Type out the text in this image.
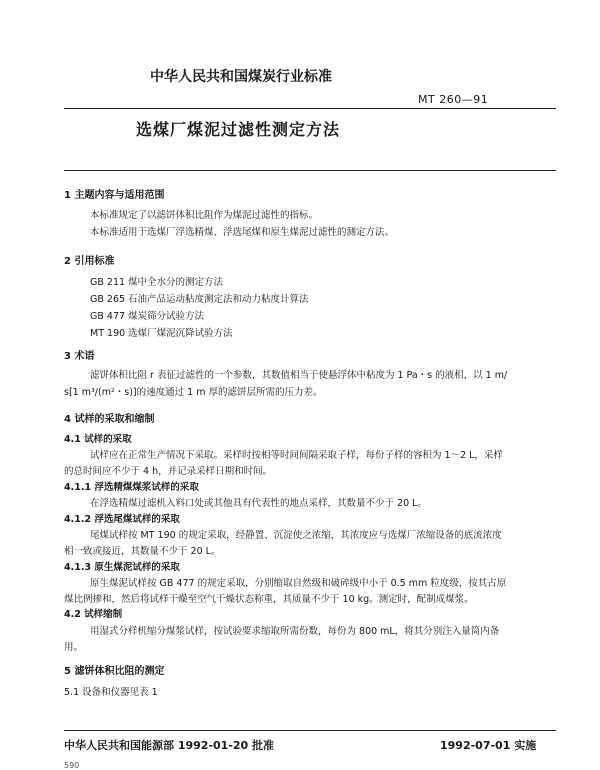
中华人民共和国煤炭行业标准
MT 260—91
选煤厂煤泥过滤性测定方法
1 主题内容与适用范围
本标准规定了以滤饼体积比阻作为煤泥过滤性的指标。
本标准适用于选煤厂浮选精煤、浮选尾煤和原生煤泥过滤性的测定方法。
2 引用标准
GB 211 煤中全水分的测定方法
GB 265 石油产品运动粘度测定法和动力粘度计算法
GB 477 煤炭筛分试验方法
MT 190 选煤厂煤泥沉降试验方法
3 术语
滤饼体积比阻 r 表征过滤性的一个参数，其数值相当于使悬浮体中粘度为 1 Pa・s 的液相，以 1 m/
s[1 m³/(m²・s)]的速度通过 1 m 厚的滤饼层所需的压力差。
4 试样的采取和缩制
4.1 试样的采取
试样应在正常生产情况下采取。采样时按相等时间间隔采取子样，每份子样的容积为 1～2 L，采样
的总时间应不少于 4 h，并记录采样日期和时间。
4.1.1 浮选精煤煤浆试样的采取
在浮选精煤过滤机入料口处或其他具有代表性的地点采样，其数量不少于 20 L。
4.1.2 浮选尾煤试样的采取
尾煤试样按 MT 190 的规定采取，经静置、沉淀使之浓缩，其浓度应与选煤厂浓缩设备的底流浓度
相一致或接近，其数量不少于 20 L。
4.1.3 原生煤泥试样的采取
原生煤泥试样按 GB 477 的规定采取，分别缩取自然级和破碎级中小于 0.5 mm 粒度级，按其占原
煤比例掺和，然后将试样干燥至空气干燥状态称重，其质量不少于 10 kg。测定时，配制成煤浆。
4.2 试样缩制
用湿式分样机缩分煤浆试样，按试验要求缩取所需份数，每份为 800 mL，将其分别注入量筒内备
用。
5 滤饼体积比阻的测定
5.1 设备和仪器见表 1
中华人民共和国能源部 1992-01-20 批准	1992-07-01 实施
590
